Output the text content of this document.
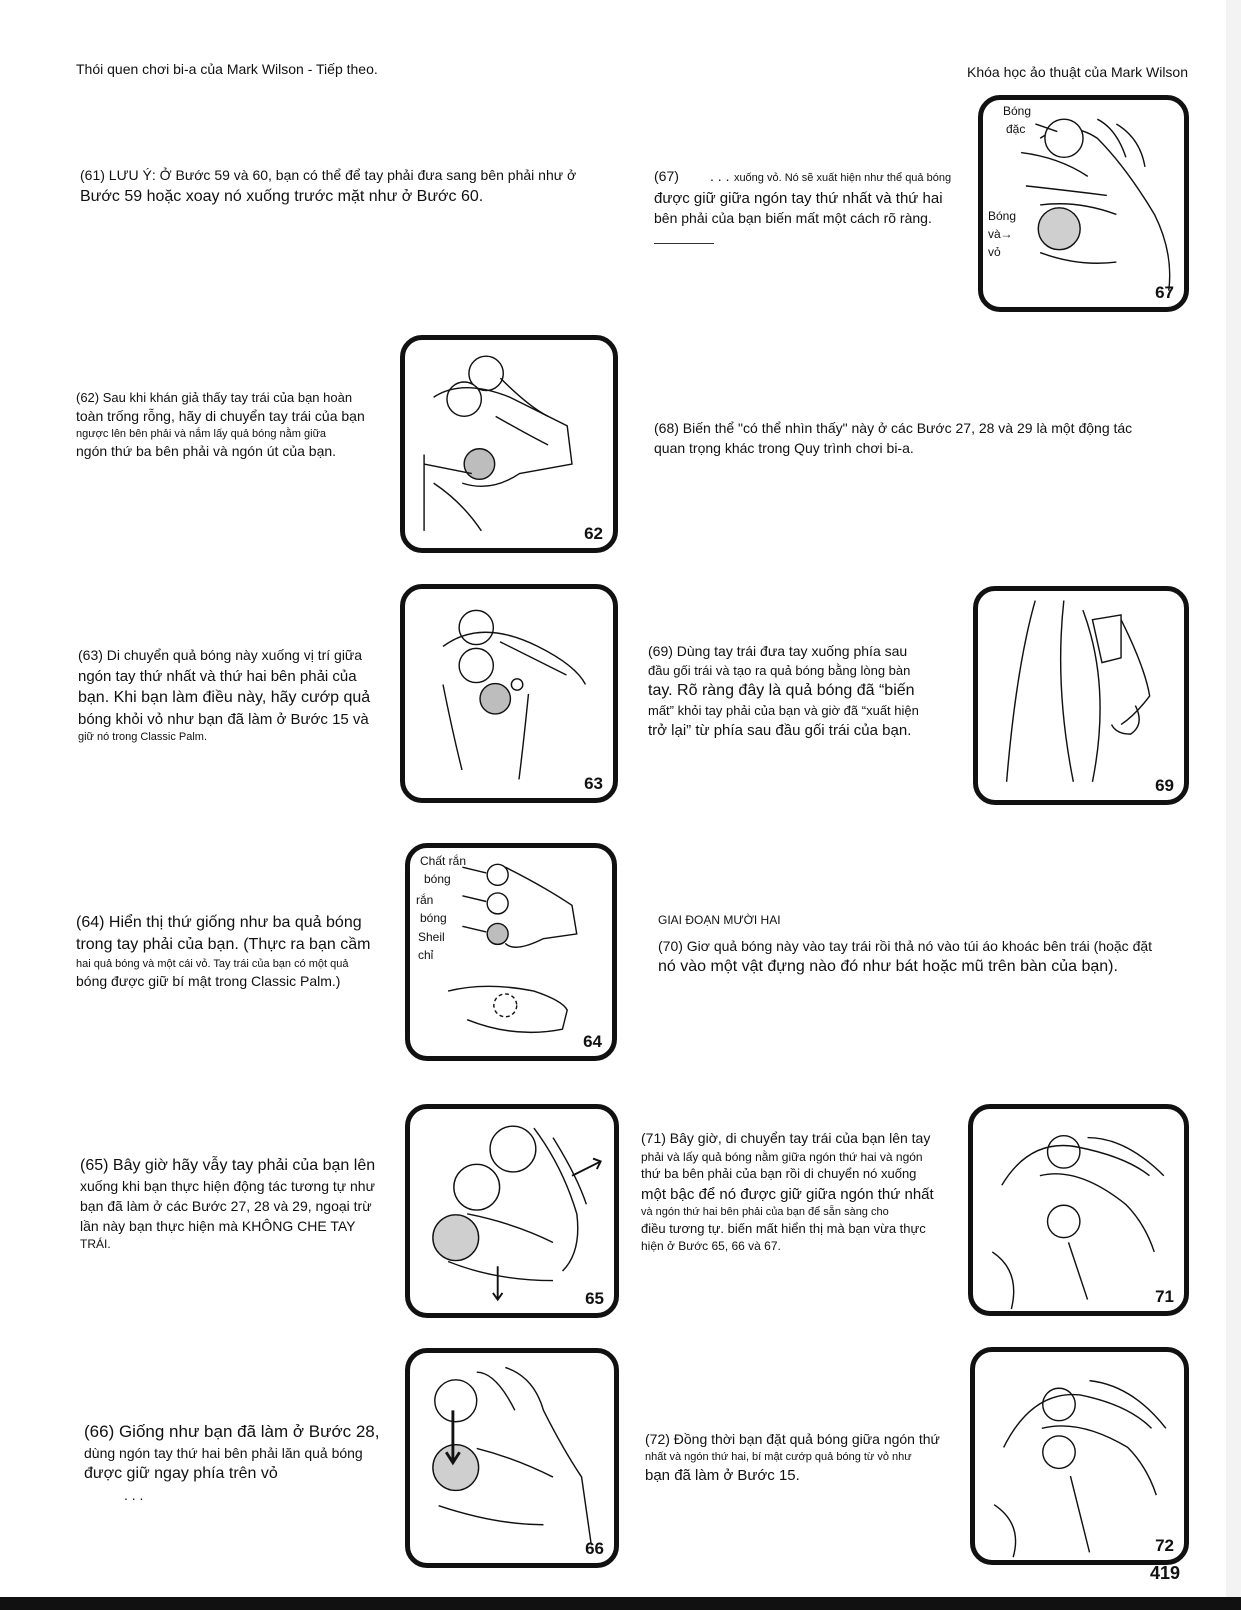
Thói quen chơi bi-a của Mark Wilson - Tiếp theo.	Khóa học ảo thuật của Mark Wilson
(61) LƯU Ý: Ở Bước 59 và 60, bạn có thể để tay phải đưa sang bên phải như ở
Bước 59 hoặc xoay nó xuống trước mặt như ở Bước 60.
(67) . . . xuống vỏ. Nó sẽ xuất hiện như thể quả bóng
được giữ giữa ngón tay thứ nhất và thứ hai
bên phải của bạn biến mất một cách rõ ràng.
Bóng
đặc
Bóng
và→
vỏ
67
(62) Sau khi khán giả thấy tay trái của bạn hoàn
toàn trống rỗng, hãy di chuyển tay trái của bạn
ngược lên bên phải và nắm lấy quả bóng nằm giữa
ngón thứ ba bên phải và ngón út của bạn.
62
(68) Biến thể "có thể nhìn thấy" này ở các Bước 27, 28 và 29 là một động tác
quan trọng khác trong Quy trình chơi bi-a.
(63) Di chuyển quả bóng này xuống vị trí giữa
ngón tay thứ nhất và thứ hai bên phải của
bạn. Khi bạn làm điều này, hãy cướp quả
bóng khỏi vỏ như bạn đã làm ở Bước 15 và
giữ nó trong Classic Palm.
63
(69) Dùng tay trái đưa tay xuống phía sau
đầu gối trái và tạo ra quả bóng bằng lòng bàn
tay. Rõ ràng đây là quả bóng đã “biến
mất” khỏi tay phải của bạn và giờ đã “xuất hiện
trở lại” từ phía sau đầu gối trái của bạn.
69
(64) Hiển thị thứ giống như ba quả bóng
trong tay phải của bạn. (Thực ra bạn cầm
hai quả bóng và một cái vỏ. Tay trái của bạn có một quả
bóng được giữ bí mật trong Classic Palm.)
Chất rắn
bóng
rắn
bóng
Sheil
chỉ
64
GIAI ĐOẠN MƯỜI HAI
(70) Giơ quả bóng này vào tay trái rồi thả nó vào túi áo khoác bên trái (hoặc đặt
nó vào một vật đựng nào đó như bát hoặc mũ trên bàn của bạn).
(65) Bây giờ hãy vẫy tay phải của bạn lên
xuống khi bạn thực hiện động tác tương tự như
bạn đã làm ở các Bước 27, 28 và 29, ngoại trừ
lần này bạn thực hiện mà KHÔNG CHE TAY
TRÁI.
65
(71) Bây giờ, di chuyển tay trái của bạn lên tay
phải và lấy quả bóng nằm giữa ngón thứ hai và ngón
thứ ba bên phải của bạn rồi di chuyển nó xuống
một bậc để nó được giữ giữa ngón thứ nhất
và ngón thứ hai bên phải của bạn để sẵn sàng cho
điều tương tự. biến mất hiển thị mà bạn vừa thực
hiện ở Bước 65, 66 và 67.
71
(66) Giống như bạn đã làm ở Bước 28,
dùng ngón tay thứ hai bên phải lăn quả bóng
được giữ ngay phía trên vỏ
. . .
66
(72) Đồng thời bạn đặt quả bóng giữa ngón thứ
nhất và ngón thứ hai, bí mật cướp quả bóng từ vỏ như
bạn đã làm ở Bước 15.
72
419
